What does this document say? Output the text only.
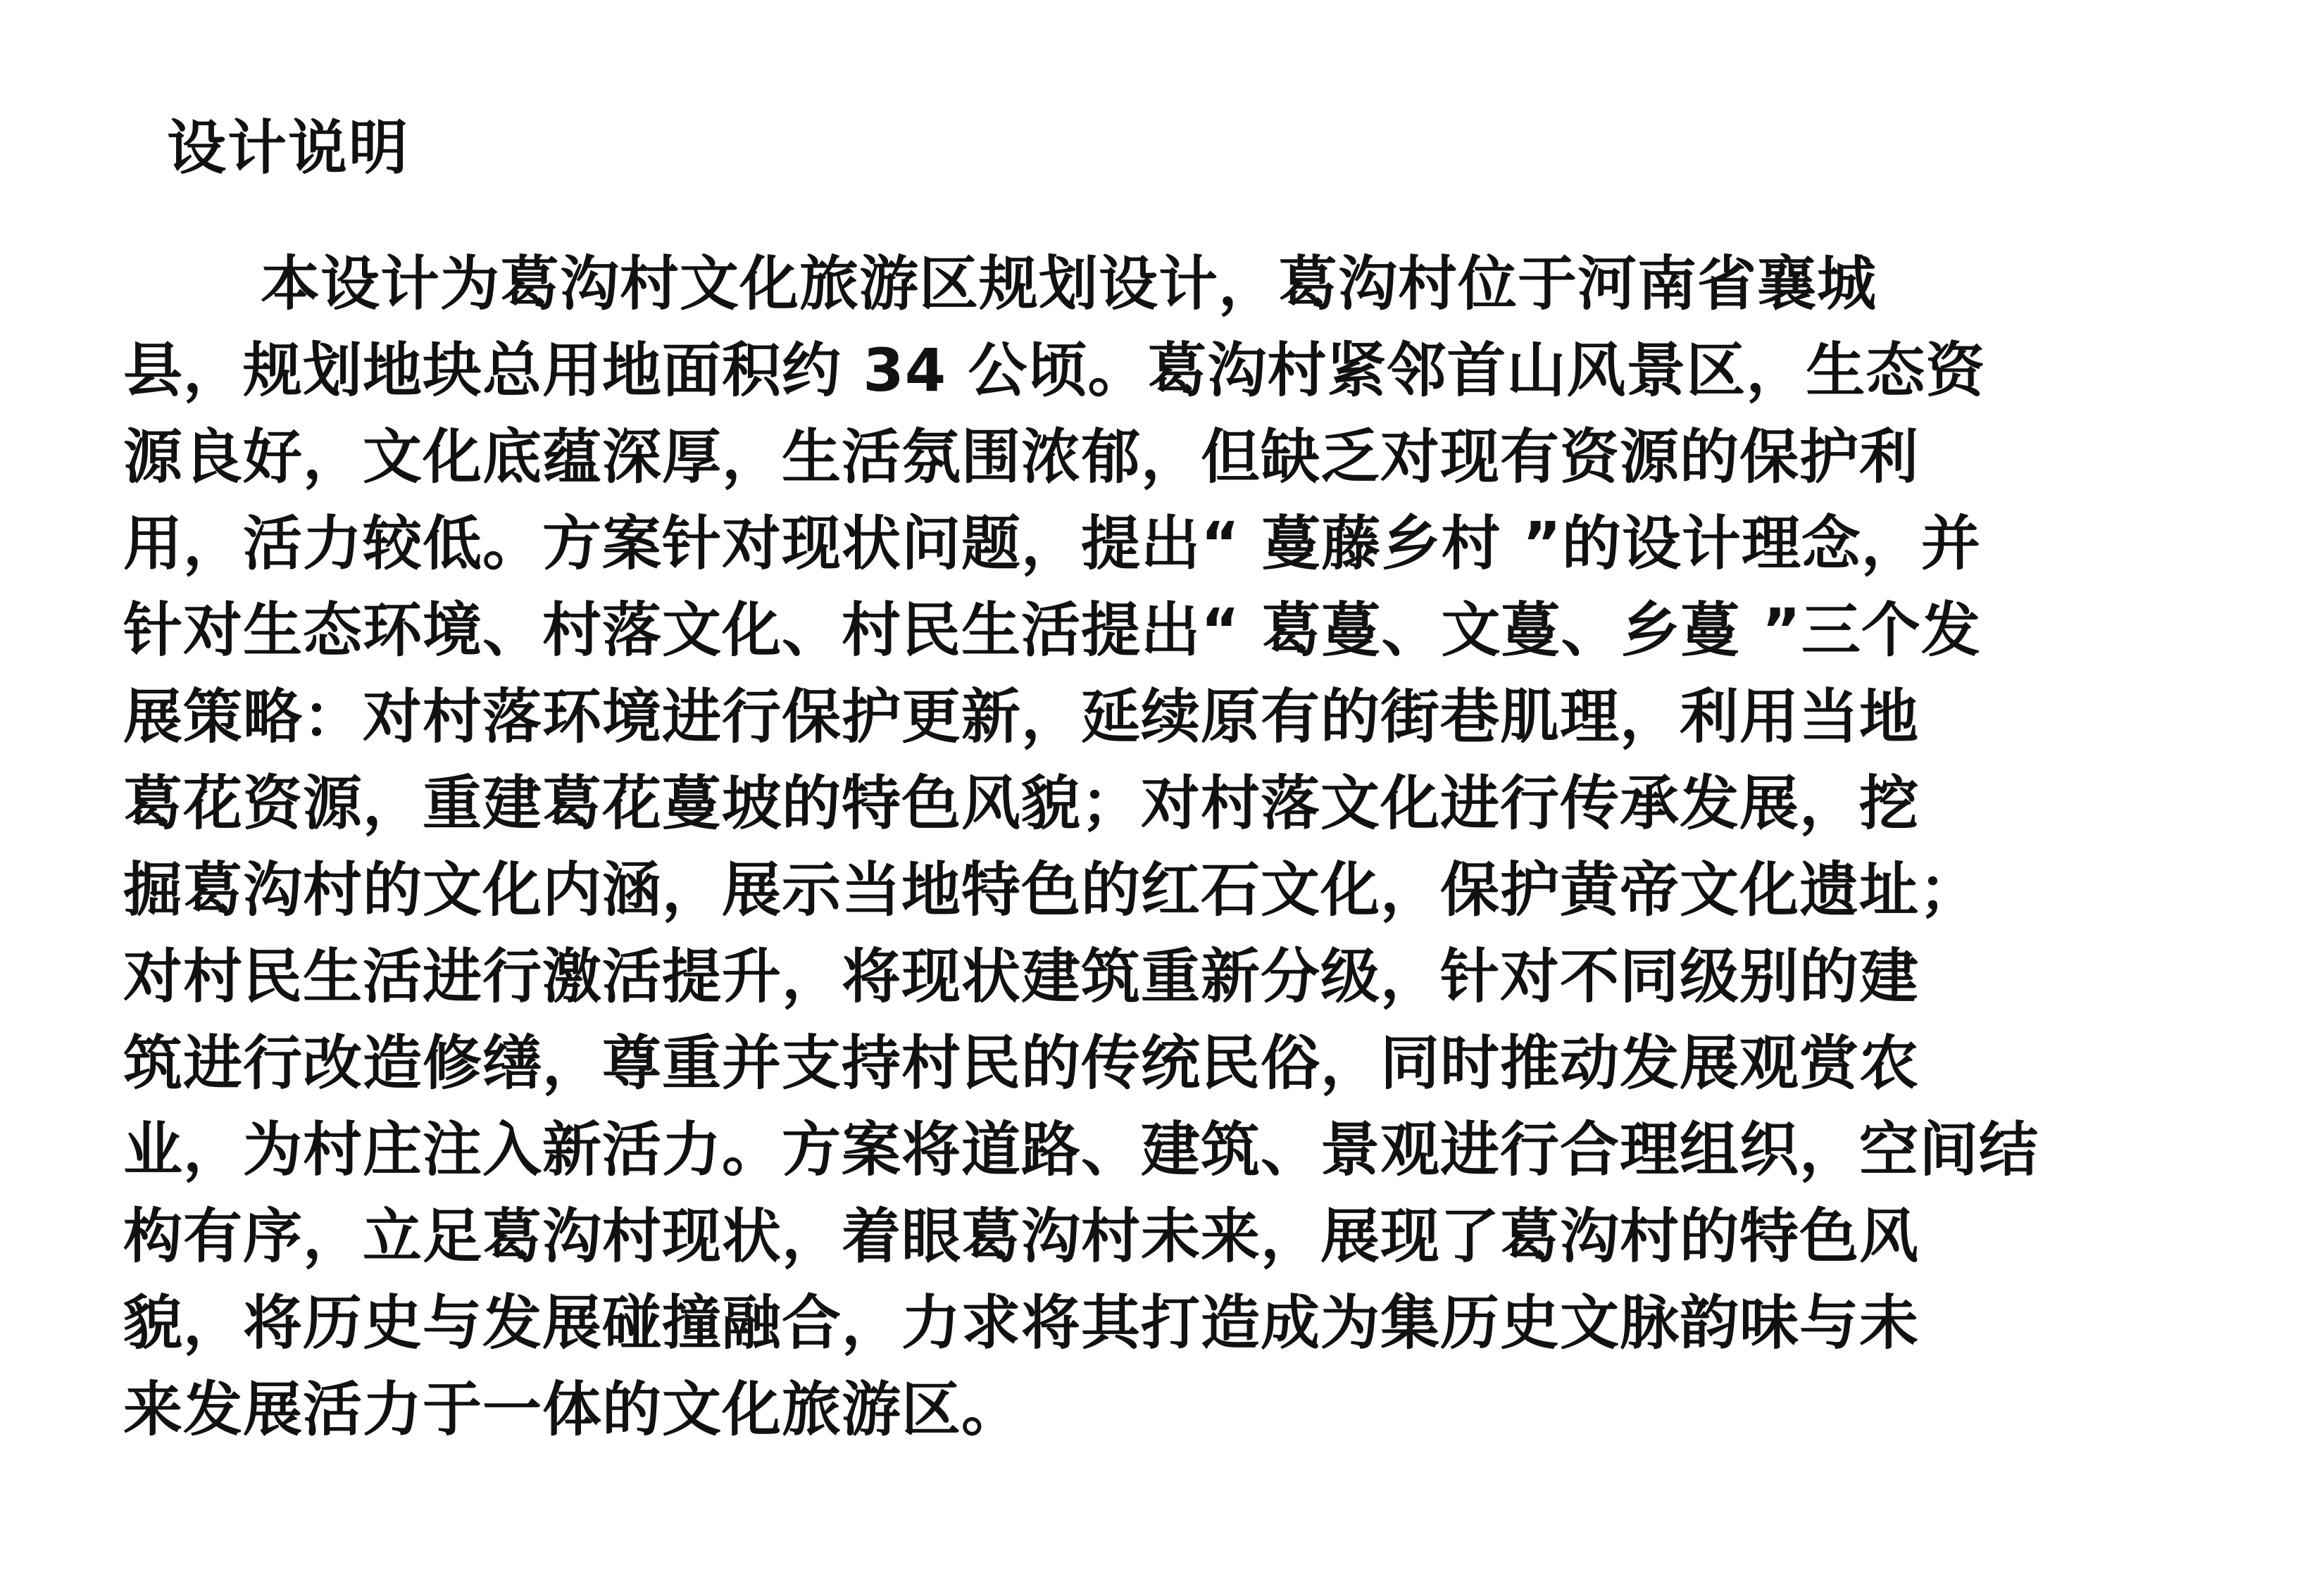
设计说明
本设计为葛沟村文化旅游区规划设计，葛沟村位于河南省襄城
县，规划地块总用地面积约 34 公顷。葛沟村紧邻首山风景区，生态资
源良好，文化底蕴深厚，生活氛围浓郁，但缺乏对现有资源的保护利
用，活力较低。方案针对现状问题，提出“ 蔓藤乡村 ”的设计理念，并
针对生态环境、村落文化、村民生活提出“ 葛蔓、文蔓、乡蔓 ”三个发
展策略：对村落环境进行保护更新，延续原有的街巷肌理，利用当地
葛花资源，重建葛花蔓坡的特色风貌；对村落文化进行传承发展，挖
掘葛沟村的文化内涵，展示当地特色的红石文化，保护黄帝文化遗址；
对村民生活进行激活提升，将现状建筑重新分级，针对不同级别的建
筑进行改造修缮，尊重并支持村民的传统民俗，同时推动发展观赏农
业，为村庄注入新活力。方案将道路、建筑、景观进行合理组织，空间结
构有序，立足葛沟村现状，着眼葛沟村未来，展现了葛沟村的特色风
貌，将历史与发展碰撞融合，力求将其打造成为集历史文脉韵味与未
来发展活力于一体的文化旅游区。
